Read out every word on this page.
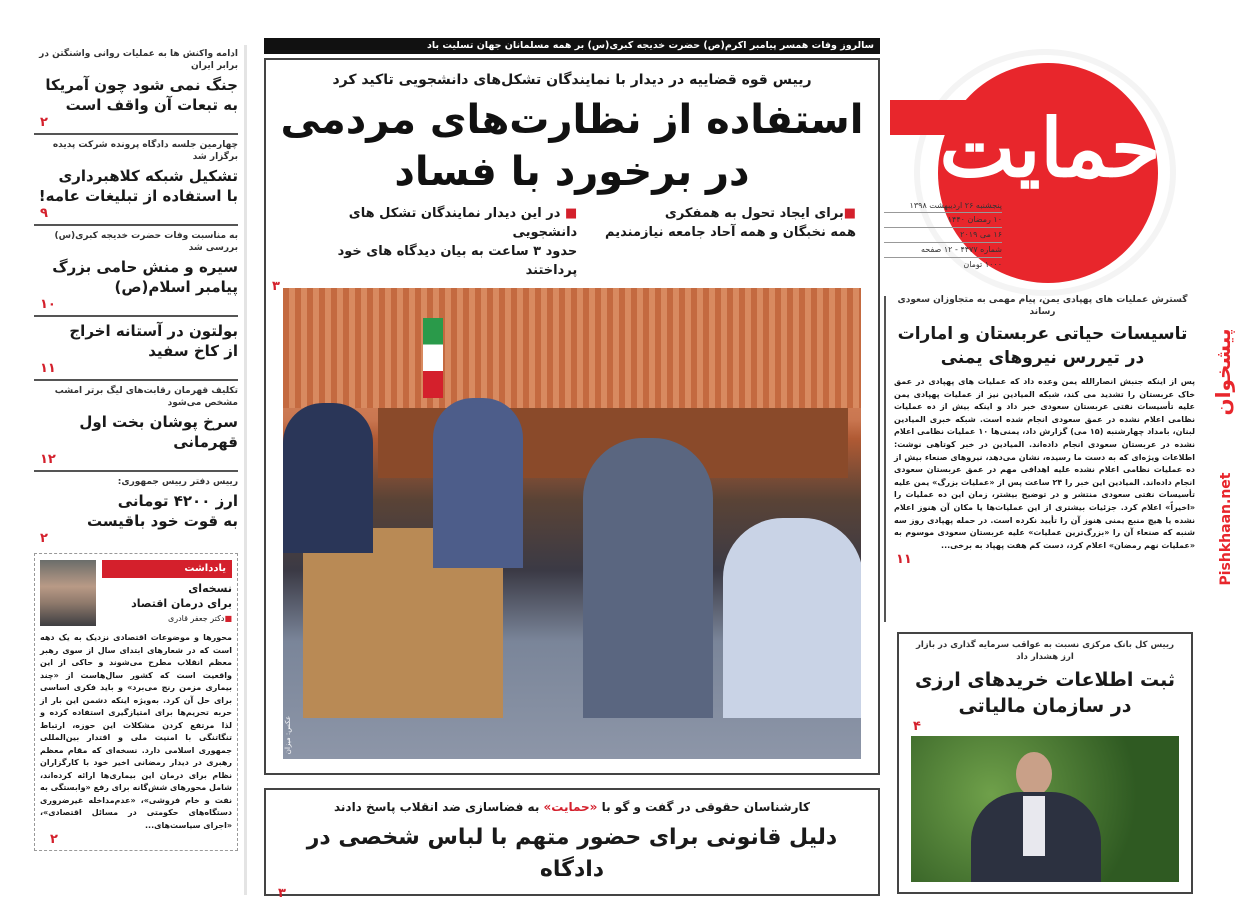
ادامه واکنش ها به عملیات روانی واشنگتن در برابر ایران
جنگ نمی شود چون آمریکا
به تبعات آن واقف است
۲
چهارمین جلسه دادگاه پرونده شرکت پدیده برگزار شد
تشکیل شبکه کلاهبرداری
با استفاده از تبلیغات عامه!
۹
به مناسبت وفات حضرت خدیجه کبری(س) بررسی شد
سیره و منش حامی بزرگ
پیامبر اسلام(ص)
۱۰
بولتون در آستانه اخراج
از کاخ سفید
۱۱
تکلیف قهرمان رقابت‌های لیگ برتر امشب مشخص می‌شود
سرخ پوشان بخت اول قهرمانی
۱۲
رییس دفتر رییس جمهوری:
ارز ۴۲۰۰ تومانی
به قوت خود باقیست
۲
یادداشت
نسخه‌ای
برای درمان اقتصاد
■دکتر جعفر قادری
محورها و موضوعات اقتصادی نزدیک به یک دهه است که در شعارهای ابتدای سال از سوی رهبر معظم انقلاب مطرح می‌شوند و حاکی از این واقعیت است که کشور سال‌هاست از «چند بیماری مزمن رنج می‌برد» و باید فکری اساسی برای حل آن کرد. به‌ویژه اینکه دشمن این بار از حربه تحریم‌ها برای امتیازگیری استفاده کرده و لذا مرتفع کردن مشکلات این حوزه، ارتباط تنگاتنگی با امنیت ملی و اقتدار بین‌المللی جمهوری اسلامی دارد. نسخه‌ای که مقام معظم رهبری در دیدار رمضانی اخیر خود با کارگزاران نظام برای درمان این بیماری‌ها ارائه کرده‌اند، شامل محورهای شش‌گانه برای رفع «وابستگی به نفت و خام فروشی»، «عدم‌مداخله غیرضروری دستگاه‌های حکومتی در مسائل اقتصادی»، «اجرای سیاست‌های...
۲
سالروز وفات همسر پیامبر اکرم(ص) حضرت خدیجه کبری(س) بر همه مسلمانان جهان تسلیت باد
رییس قوه قضاییه در دیدار با نمایندگان تشکل‌های دانشجویی تاکید کرد
استفاده از نظارت‌های مردمی
در برخورد با فساد
■برای ایجاد تحول به همفکری
همه نخبگان و همه آحاد جامعه نیازمندیم
■ در این دیدار نمایندگان تشکل های دانشجویی
حدود ۳ ساعت به بیان دیدگاه های خود پرداختند
۳
عکس: میزان
کارشناسان حقوقی در گفت و گو با «حمایت» به فضاسازی ضد انقلاب پاسخ دادند
دلیل قانونی برای حضور متهم با لباس شخصی در دادگاه
۳
حمایت
پنجشنبه ۲۶ اردیبهشت ۱۳۹۸
۱۰ رمضان ۱۴۴۰
۱۶ می ۲۰۱۹
شماره ۴۴۷۷ - ۱۲ صفحه
۱۰۰۰ تومان
گسترش عملیات های پهپادی یمن، پیام مهمی به متجاوزان سعودی رساند
تاسیسات حیاتی عربستان و امارات
در تیررس نیروهای یمنی
پس از اینکه جنبش انصارالله یمن وعده داد که عملیات های پهپادی در عمق خاک عربستان را تشدید می کند، شبکه المیادین نیز از عملیات پهپادی یمن علیه تأسیسات نفتی عربستان سعودی خبر داد و اینکه بیش از ده عملیات نظامی اعلام نشده در عمق سعودی انجام شده است. شبکه خبری المیادین لبنان، بامداد چهارشنبه (۱۵ می) گزارش داد، یمنی‌ها ۱۰ عملیات نظامی اعلام نشده در عربستان سعودی انجام داده‌اند. المیادین در خبر کوتاهی نوشت: اطلاعات ویژه‌ای که به دست ما رسیده، نشان می‌دهد، نیروهای صنعاء بیش از ده عملیات نظامی اعلام نشده علیه اهدافی مهم در عمق عربستان سعودی انجام داده‌اند. المیادین این خبر را ۲۴ ساعت پس از «عملیات بزرگ» یمن علیه تأسیسات نفتی سعودی منتشر و در توضیح بیشتر، زمان این ده عملیات را «اخیراً» اعلام کرد. جزئیات بیشتری از این عملیات‌ها یا مکان آن هنوز اعلام نشده یا هیچ منبع یمنی هنوز آن را تأیید نکرده است. در حمله پهپادی روز سه شنبه که صنعاء آن را «بزرگ‌ترین عملیات» علیه عربستان سعودی موسوم به «عملیات نهم رمضان» اعلام کرد، دست کم هفت پهپاد به برخی...
۱۱
پیشخوان
Pishkhaan.net
رییس کل بانک مرکزی نسبت به عواقب سرمایه گذاری در بازار ارز هشدار داد
ثبت اطلاعات خریدهای ارزی
در سازمان مالیاتی
۴
